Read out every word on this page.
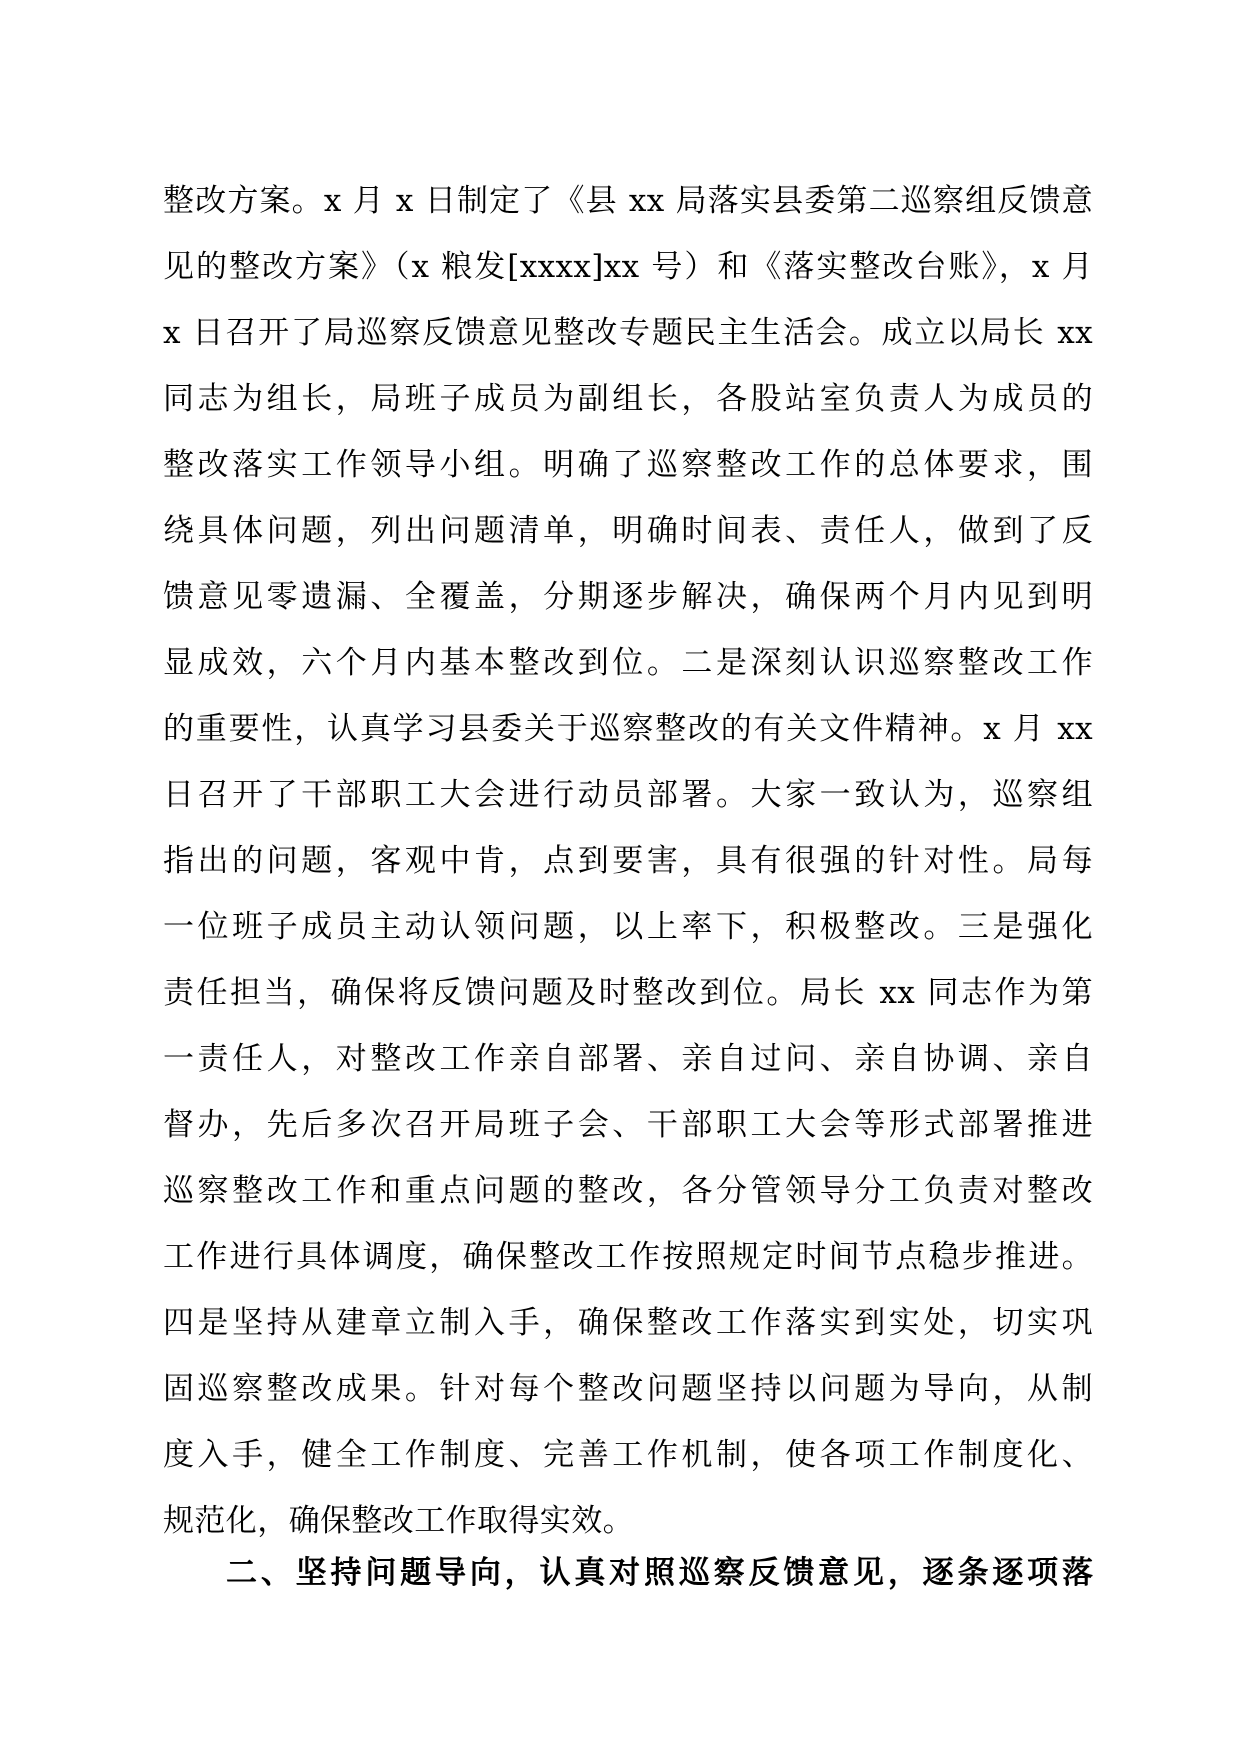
整改方案。x 月 x 日制定了《县 xx 局落实县委第二巡察组反馈意
见的整改方案》（x 粮发[xxxx]xx 号）和《落实整改台账》，x 月
x 日召开了局巡察反馈意见整改专题民主生活会。成立以局长 xx
同志为组长，局班子成员为副组长，各股站室负责人为成员的
整改落实工作领导小组。明确了巡察整改工作的总体要求，围
绕具体问题，列出问题清单，明确时间表、责任人，做到了反
馈意见零遗漏、全覆盖，分期逐步解决，确保两个月内见到明
显成效，六个月内基本整改到位。二是深刻认识巡察整改工作
的重要性，认真学习县委关于巡察整改的有关文件精神。x 月 xx
日召开了干部职工大会进行动员部署。大家一致认为，巡察组
指出的问题，客观中肯，点到要害，具有很强的针对性。局每
一位班子成员主动认领问题，以上率下，积极整改。三是强化
责任担当，确保将反馈问题及时整改到位。局长 xx 同志作为第
一责任人，对整改工作亲自部署、亲自过问、亲自协调、亲自
督办，先后多次召开局班子会、干部职工大会等形式部署推进
巡察整改工作和重点问题的整改，各分管领导分工负责对整改
工作进行具体调度，确保整改工作按照规定时间节点稳步推进。
四是坚持从建章立制入手，确保整改工作落实到实处，切实巩
固巡察整改成果。针对每个整改问题坚持以问题为导向，从制
度入手，健全工作制度、完善工作机制，使各项工作制度化、
规范化，确保整改工作取得实效。
二、坚持问题导向，认真对照巡察反馈意见，逐条逐项落
